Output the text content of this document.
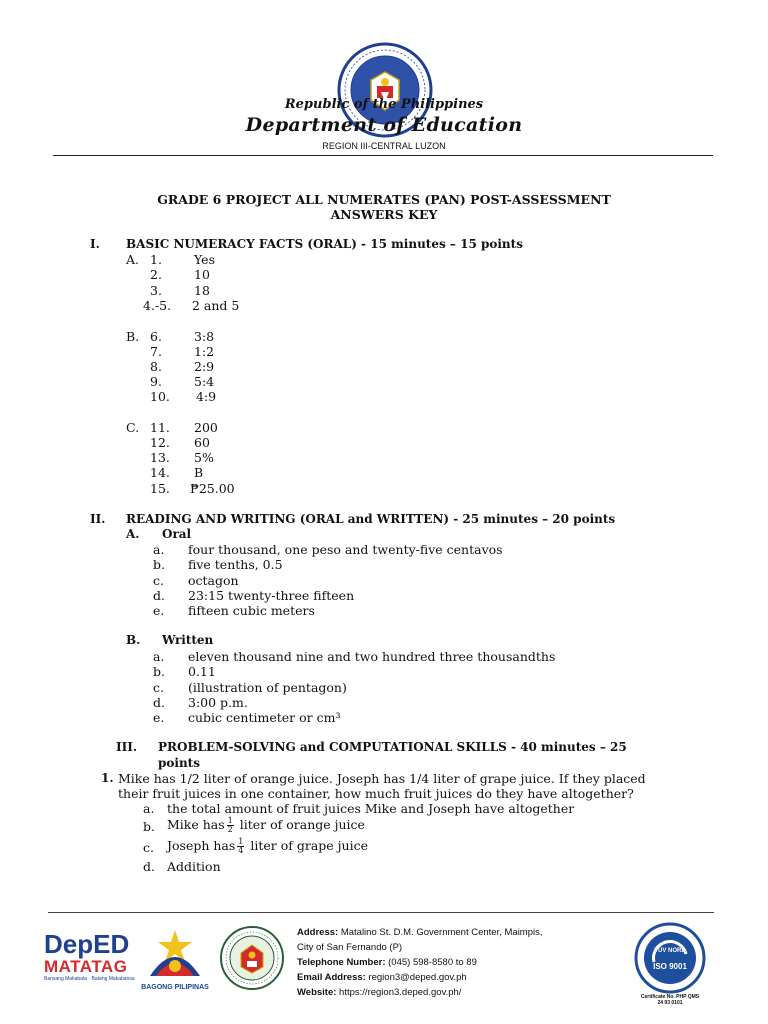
Republic of the Philippines
Department of Education
REGION III-CENTRAL LUZON
GRADE 6 PROJECT ALL NUMERATES (PAN) POST-ASSESSMENT
ANSWERS KEY
I. BASIC NUMERACY FACTS (ORAL) - 15 minutes – 15 points
A. 1.	Yes
2.	10
3.	18
4.-5. 2 and 5
B. 6.	3:8
7.	1:2
8.	2:9
9.	5:4
10. 4:9
C. 11. 200
12. 60
13. 5%
14. B
15. ₱25.00
II. READING AND WRITING (ORAL and WRITTEN) - 25 minutes – 20 points
A. Oral
a. four thousand, one peso and twenty-five centavos
b. five tenths, 0.5
c. octagon
d. 23:15 twenty-three fifteen
e. fifteen cubic meters
B. Written
a. eleven thousand nine and two hundred three thousandths
b. 0.11
c. (illustration of pentagon)
d. 3:00 p.m.
e. cubic centimeter or cm³
III. PROBLEM-SOLVING and COMPUTATIONAL SKILLS - 40 minutes – 25
points
1. Mike has 1/2 liter of orange juice. Joseph has 1/4 liter of grape juice. If they placed
their fruit juices in one container, how much fruit juices do they have altogether?
a. the total amount of fruit juices Mike and Joseph have altogether
b. Mike has $\frac{1}{2}$ liter of orange juice
c. Joseph has $\frac{1}{4}$ liter of grape juice
d. Addition
DepED
MATATAG
Bansang Makabata · Batang Makabansa
BAGONG PILIPINAS
Address: Matalino St. D.M. Government Center, Maimpis,
City of San Fernando (P)
Telephone Number: (045) 598-8580 to 89
Email Address: region3@deped.gov.ph
Website: https://region3.deped.gov.ph/
TÜV NORD
ISO 9001
Certificate No. PHP QMS
24 93 0101
